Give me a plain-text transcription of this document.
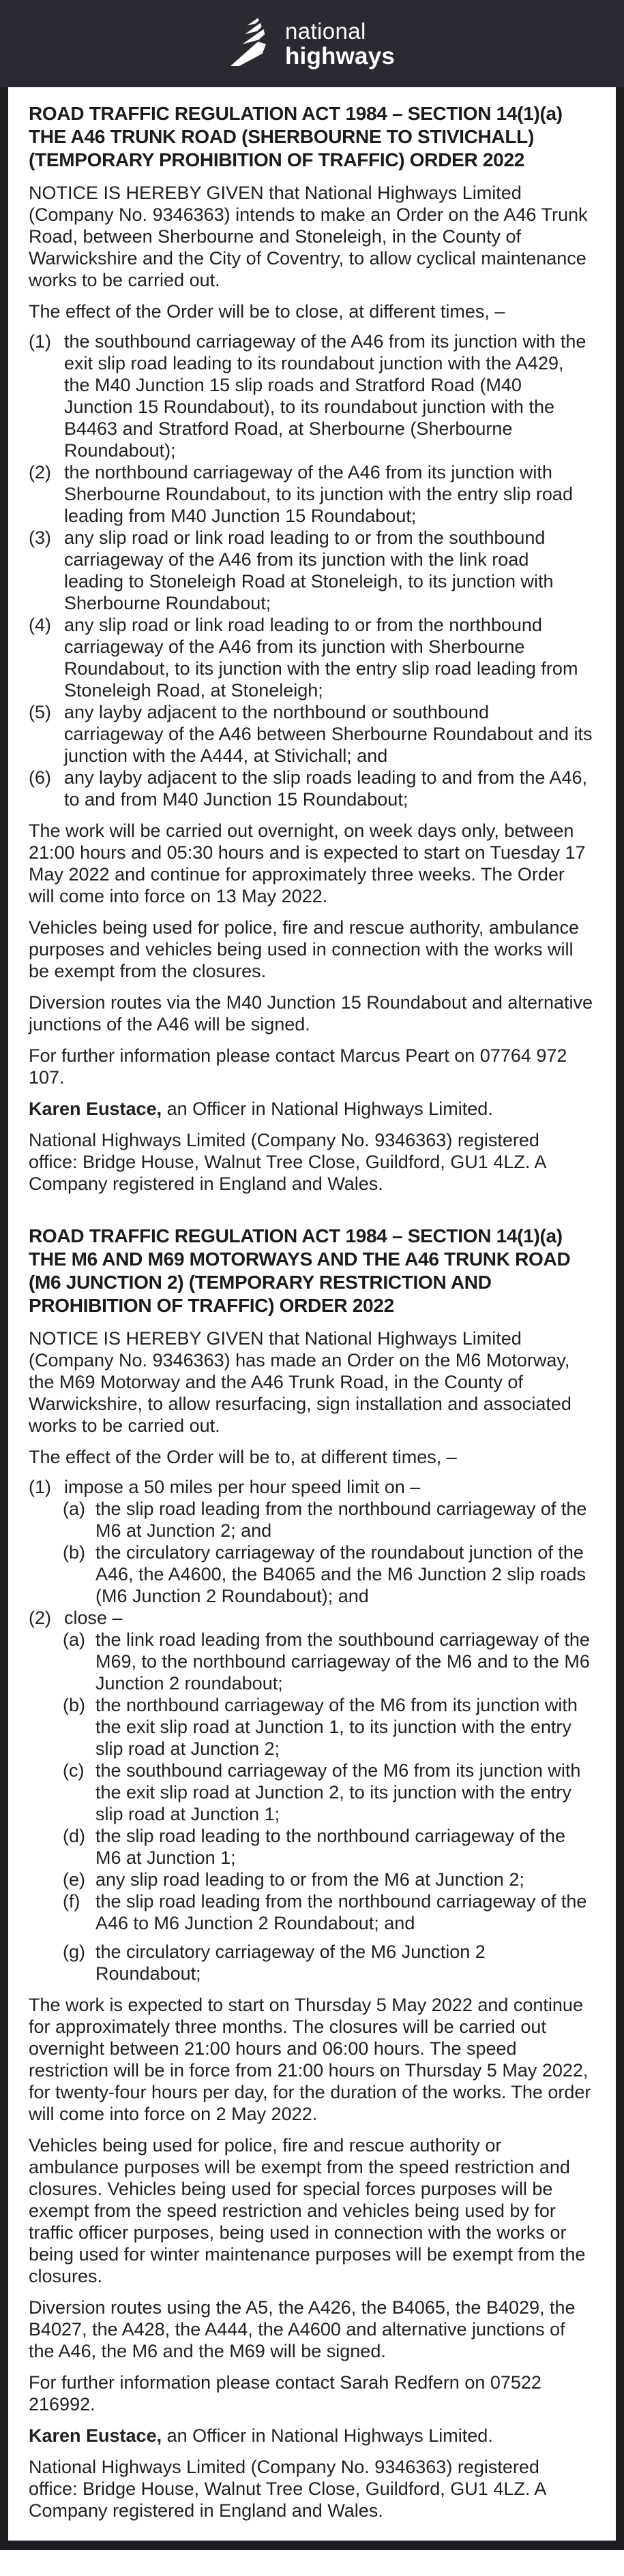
national
highways
ROAD TRAFFIC REGULATION ACT 1984 – SECTION 14(1)(a) THE A46 TRUNK ROAD (SHERBOURNE TO STIVICHALL) (TEMPORARY PROHIBITION OF TRAFFIC) ORDER 2022

NOTICE IS HEREBY GIVEN that National Highways Limited (Company No. 9346363) intends to make an Order on the A46 Trunk Road, between Sherbourne and Stoneleigh, in the County of Warwickshire and the City of Coventry, to allow cyclical maintenance works to be carried out.

The effect of the Order will be to close, at different times, –

(1) the southbound carriageway of the A46 from its junction with the exit slip road leading to its roundabout junction with the A429, the M40 Junction 15 slip roads and Stratford Road (M40 Junction 15 Roundabout), to its roundabout junction with the B4463 and Stratford Road, at Sherbourne (Sherbourne Roundabout);
(2) the northbound carriageway of the A46 from its junction with Sherbourne Roundabout, to its junction with the entry slip road leading from M40 Junction 15 Roundabout;
(3) any slip road or link road leading to or from the southbound carriageway of the A46 from its junction with the link road leading to Stoneleigh Road at Stoneleigh, to its junction with Sherbourne Roundabout;
(4) any slip road or link road leading to or from the northbound carriageway of the A46 from its junction with Sherbourne Roundabout, to its junction with the entry slip road leading from Stoneleigh Road, at Stoneleigh;
(5) any layby adjacent to the northbound or southbound carriageway of the A46 between Sherbourne Roundabout and its junction with the A444, at Stivichall; and
(6) any layby adjacent to the slip roads leading to and from the A46, to and from M40 Junction 15 Roundabout;

The work will be carried out overnight, on week days only, between 21:00 hours and 05:30 hours and is expected to start on Tuesday 17 May 2022 and continue for approximately three weeks. The Order will come into force on 13 May 2022.

Vehicles being used for police, fire and rescue authority, ambulance purposes and vehicles being used in connection with the works will be exempt from the closures.

Diversion routes via the M40 Junction 15 Roundabout and alternative junctions of the A46 will be signed.

For further information please contact Marcus Peart on 07764 972 107.

Karen Eustace, an Officer in National Highways Limited.

National Highways Limited (Company No. 9346363) registered office: Bridge House, Walnut Tree Close, Guildford, GU1 4LZ. A Company registered in England and Wales.

ROAD TRAFFIC REGULATION ACT 1984 – SECTION 14(1)(a) THE M6 AND M69 MOTORWAYS AND THE A46 TRUNK ROAD (M6 JUNCTION 2) (TEMPORARY RESTRICTION AND PROHIBITION OF TRAFFIC) ORDER 2022

NOTICE IS HEREBY GIVEN that National Highways Limited (Company No. 9346363) has made an Order on the M6 Motorway, the M69 Motorway and the A46 Trunk Road, in the County of Warwickshire, to allow resurfacing, sign installation and associated works to be carried out.

The effect of the Order will be to, at different times, –

(1) impose a 50 miles per hour speed limit on –
(a) the slip road leading from the northbound carriageway of the M6 at Junction 2; and
(b) the circulatory carriageway of the roundabout junction of the A46, the A4600, the B4065 and the M6 Junction 2 slip roads (M6 Junction 2 Roundabout); and
(2) close –
(a) the link road leading from the southbound carriageway of the M69, to the northbound carriageway of the M6 and to the M6 Junction 2 roundabout;
(b) the northbound carriageway of the M6 from its junction with the exit slip road at Junction 1, to its junction with the entry slip road at Junction 2;
(c) the southbound carriageway of the M6 from its junction with the exit slip road at Junction 2, to its junction with the entry slip road at Junction 1;
(d) the slip road leading to the northbound carriageway of the M6 at Junction 1;
(e) any slip road leading to or from the M6 at Junction 2;
(f) the slip road leading from the northbound carriageway of the A46 to M6 Junction 2 Roundabout; and
(g) the circulatory carriageway of the M6 Junction 2 Roundabout;

The work is expected to start on Thursday 5 May 2022 and continue for approximately three months. The closures will be carried out overnight between 21:00 hours and 06:00 hours. The speed restriction will be in force from 21:00 hours on Thursday 5 May 2022, for twenty-four hours per day, for the duration of the works. The order will come into force on 2 May 2022.

Vehicles being used for police, fire and rescue authority or ambulance purposes will be exempt from the speed restriction and closures. Vehicles being used for special forces purposes will be exempt from the speed restriction and vehicles being used by for traffic officer purposes, being used in connection with the works or being used for winter maintenance purposes will be exempt from the closures.

Diversion routes using the A5, the A426, the B4065, the B4029, the B4027, the A428, the A444, the A4600 and alternative junctions of the A46, the M6 and the M69 will be signed.

For further information please contact Sarah Redfern on 07522 216992.

Karen Eustace, an Officer in National Highways Limited.

National Highways Limited (Company No. 9346363) registered office: Bridge House, Walnut Tree Close, Guildford, GU1 4LZ. A Company registered in England and Wales.
